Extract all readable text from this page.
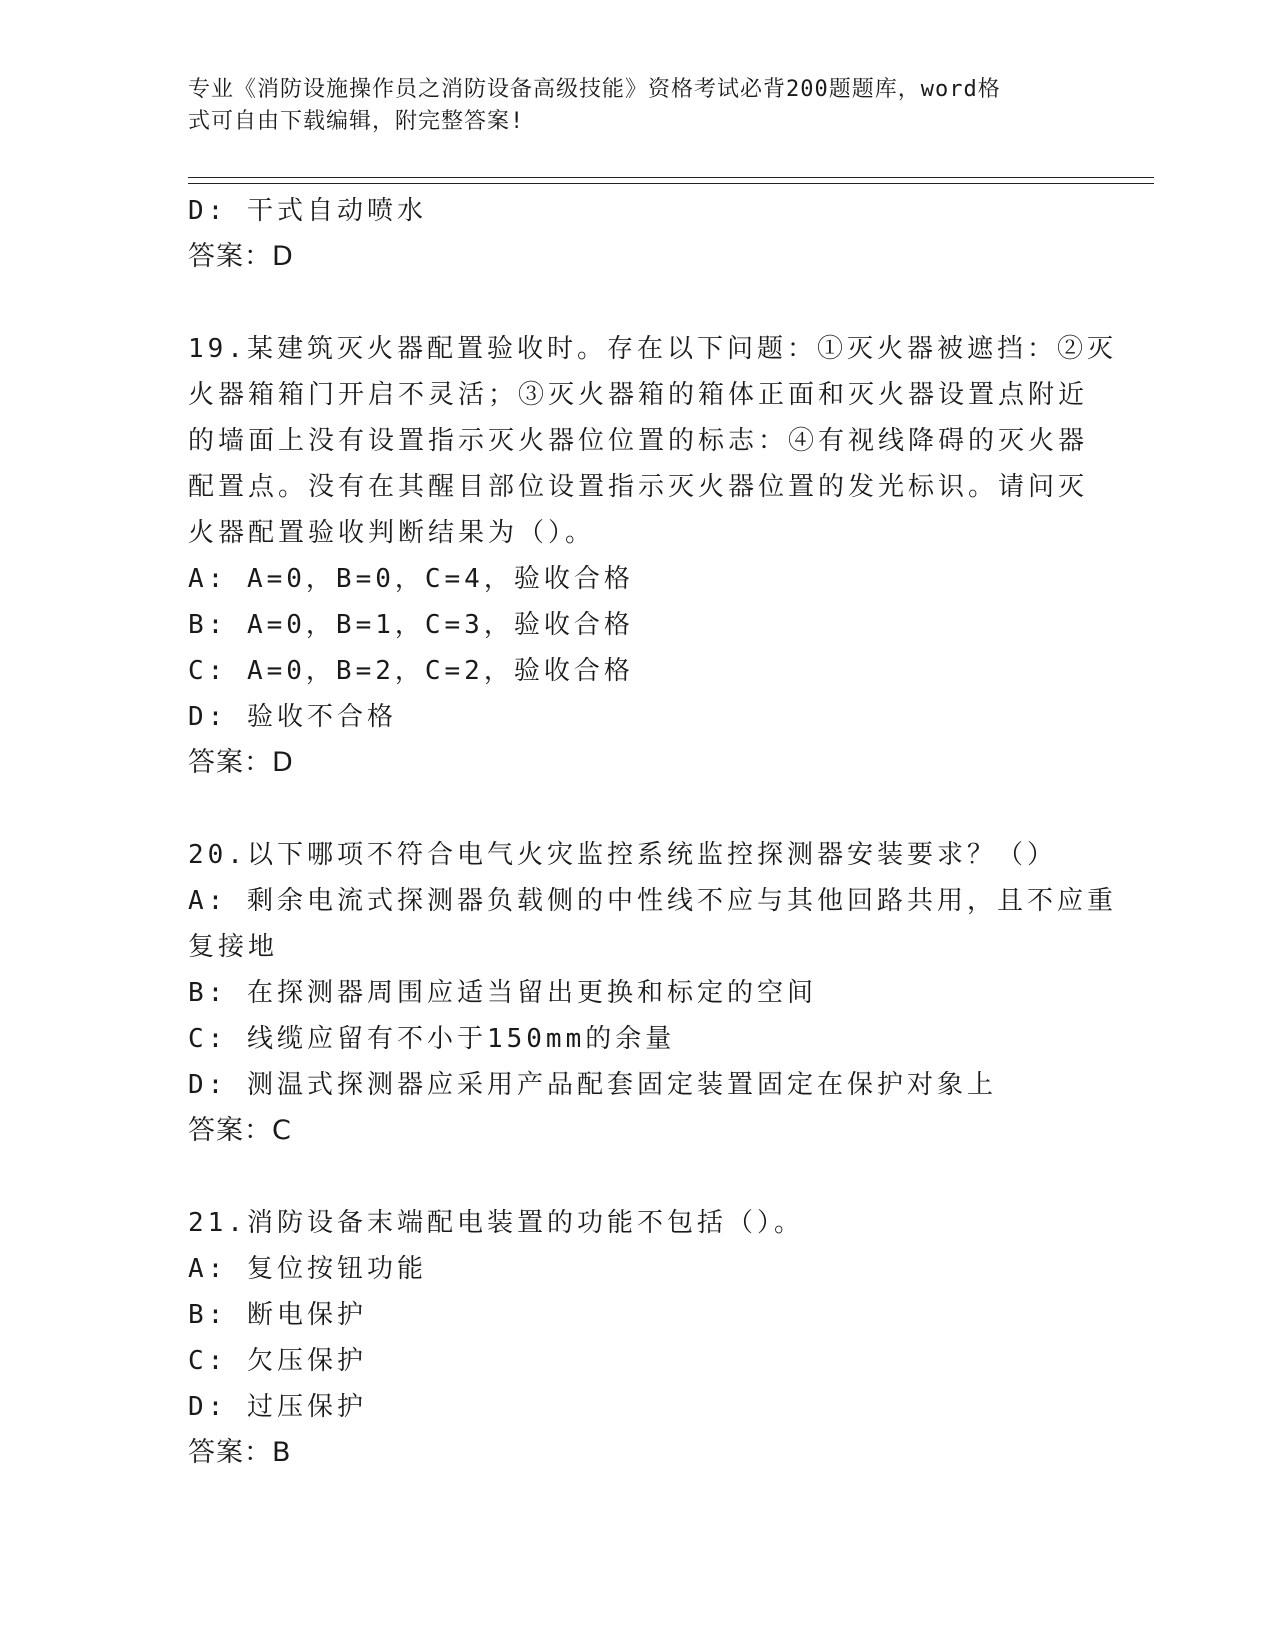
专业《消防设施操作员之消防设备高级技能》资格考试必背200题题库，word格
式可自由下载编辑，附完整答案!
D: 干式自动喷水
答案：D
19.某建筑灭火器配置验收时。存在以下问题：①灭火器被遮挡：②灭
火器箱箱门开启不灵活；③灭火器箱的箱体正面和灭火器设置点附近
的墙面上没有设置指示灭火器位位置的标志：④有视线降碍的灭火器
配置点。没有在其醒目部位设置指示灭火器位置的发光标识。请问灭
火器配置验收判断结果为（）。
A: A=0，B=0，C=4，验收合格
B: A=0，B=1，C=3，验收合格
C: A=0，B=2，C=2，验收合格
D: 验收不合格
答案：D
20.以下哪项不符合电气火灾监控系统监控探测器安装要求？（）
A: 剩余电流式探测器负载侧的中性线不应与其他回路共用，且不应重
复接地
B: 在探测器周围应适当留出更换和标定的空间
C: 线缆应留有不小于150mm的余量
D: 测温式探测器应采用产品配套固定装置固定在保护对象上
答案：C
21.消防设备末端配电装置的功能不包括（）。
A: 复位按钮功能
B: 断电保护
C: 欠压保护
D: 过压保护
答案：B
